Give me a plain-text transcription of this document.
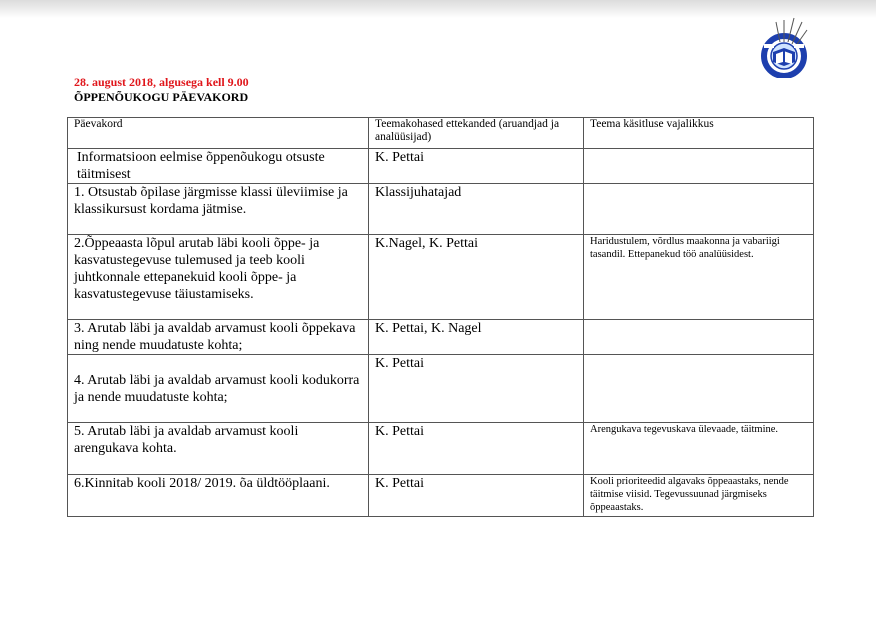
28. august 2018, algusega kell 9.00
ÕPPENÕUKOGU PÄEVAKORD
Päevakord	Teemakohased ettekanded (aruandjad ja analüüsijad)	Teema käsitluse vajalikkus
Informatsioon eelmise õppenõukogu otsuste täitmisest	K. Pettai	
1. Otsustab õpilase järgmisse klassi üleviimise ja klassikursust kordama jätmise.	Klassijuhatajad	
2.Õppeaasta lõpul arutab läbi kooli õppe- ja kasvatustegevuse tulemused ja teeb kooli juhtkonnale ettepanekuid kooli õppe- ja kasvatustegevuse täiustamiseks.	K.Nagel, K. Pettai	Haridustulem, võrdlus maakonna ja vabariigi tasandil. Ettepanekud töö analüüsidest.
3. Arutab läbi ja avaldab arvamust kooli õppekava ning nende muudatuste kohta;	K. Pettai, K. Nagel	
4. Arutab läbi ja avaldab arvamust kooli kodukorra ja nende muudatuste kohta;	K. Pettai	
5. Arutab läbi ja avaldab arvamust kooli arengukava kohta.	K. Pettai	Arengukava tegevuskava ülevaade, täitmine.
6.Kinnitab kooli 2018/ 2019. õa üldtööplaani.	K. Pettai	Kooli prioriteedid algavaks õppeaastaks, nende täitmise viisid. Tegevussuunad järgmiseks õppeaastaks.
